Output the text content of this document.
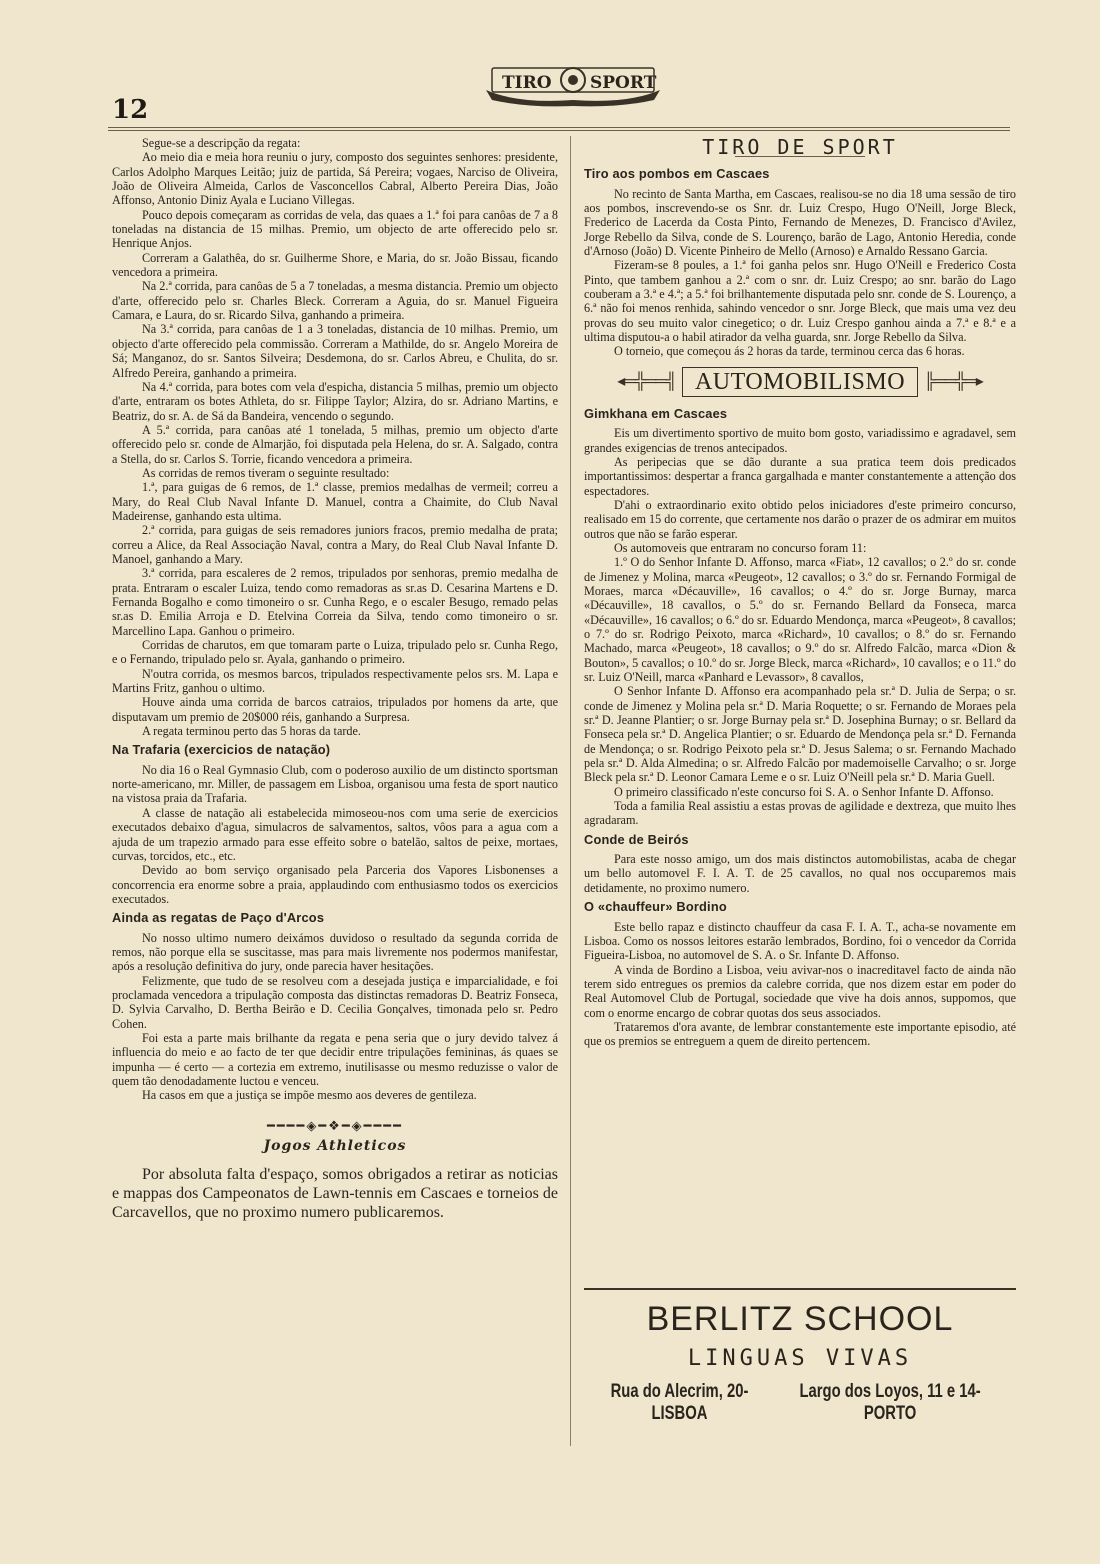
12
TIRO SPORT

Segue-se a descripção da regata:

Ao meio dia e meia hora reuniu o jury, composto dos seguintes senhores: presidente, Carlos Adolpho Marques Leitão; juiz de partida, Sá Pereira; vogaes, Narciso de Oliveira, João de Oliveira Almeida, Carlos de Vasconcellos Cabral, Alberto Pereira Dias, João Affonso, Antonio Diniz Ayala e Luciano Villegas.

Pouco depois começaram as corridas de vela, das quaes a 1.ª foi para canôas de 7 a 8 toneladas na distancia de 15 milhas. Premio, um objecto de arte offerecido pelo sr. Henrique Anjos.

Correram a Galathêa, do sr. Guilherme Shore, e Maria, do sr. João Bissau, ficando vencedora a primeira.

Na 2.ª corrida, para canôas de 5 a 7 toneladas, a mesma distancia. Premio um objecto d'arte, offerecido pelo sr. Charles Bleck. Correram a Aguia, do sr. Manuel Figueira Camara, e Laura, do sr. Ricardo Silva, ganhando a primeira.

Na 3.ª corrida, para canôas de 1 a 3 toneladas, distancia de 10 milhas. Premio, um objecto d'arte offerecido pela commissão. Correram a Mathilde, do sr. Angelo Moreira de Sá; Manganoz, do sr. Santos Silveira; Desdemona, do sr. Carlos Abreu, e Chulita, do sr. Alfredo Pereira, ganhando a primeira.

Na 4.ª corrida, para botes com vela d'espicha, distancia 5 milhas, premio um objecto d'arte, entraram os botes Athleta, do sr. Filippe Taylor; Alzira, do sr. Adriano Martins, e Beatriz, do sr. A. de Sá da Bandeira, vencendo o segundo.

A 5.ª corrida, para canôas até 1 tonelada, 5 milhas, premio um objecto d'arte offerecido pelo sr. conde de Almarjão, foi disputada pela Helena, do sr. A. Salgado, contra a Stella, do sr. Carlos S. Torrie, ficando vencedora a primeira.

As corridas de remos tiveram o seguinte resultado:

1.ª, para guigas de 6 remos, de 1.ª classe, premios medalhas de vermeil; correu a Mary, do Real Club Naval Infante D. Manuel, contra a Chaimite, do Club Naval Madeirense, ganhando esta ultima.

2.ª corrida, para guigas de seis remadores juniors fracos, premio medalha de prata; correu a Alice, da Real Associação Naval, contra a Mary, do Real Club Naval Infante D. Manoel, ganhando a Mary.

3.ª corrida, para escaleres de 2 remos, tripulados por senhoras, premio medalha de prata. Entraram o escaler Luiza, tendo como remadoras as sr.as D. Cesarina Martens e D. Fernanda Bogalho e como timoneiro o sr. Cunha Rego, e o escaler Besugo, remado pelas sr.as D. Emilia Arroja e D. Etelvina Correia da Silva, tendo como timoneiro o sr. Marcellino Lapa. Ganhou o primeiro.

Corridas de charutos, em que tomaram parte o Luiza, tripulado pelo sr. Cunha Rego, e o Fernando, tripulado pelo sr. Ayala, ganhando o primeiro.

N'outra corrida, os mesmos barcos, tripulados respectivamente pelos srs. M. Lapa e Martins Fritz, ganhou o ultimo.

Houve ainda uma corrida de barcos catraios, tripulados por homens da arte, que disputavam um premio de 20$000 réis, ganhando a Surpresa.

A regata terminou perto das 5 horas da tarde.

Na Trafaria (exercicios de natação)

No dia 16 o Real Gymnasio Club, com o poderoso auxilio de um distincto sportsman norte-americano, mr. Miller, de passagem em Lisboa, organisou uma festa de sport nautico na vistosa praia da Trafaria.

A classe de natação ali estabelecida mimoseou-nos com uma serie de exercicios executados debaixo d'agua, simulacros de salvamentos, saltos, vôos para a agua com a ajuda de um trapezio armado para esse effeito sobre o batelão, saltos de peixe, mortaes, curvas, torcidos, etc., etc.

Devido ao bom serviço organisado pela Parceria dos Vapores Lisbonenses a concorrencia era enorme sobre a praia, applaudindo com enthusiasmo todos os exercicios executados.

Ainda as regatas de Paço d'Arcos

No nosso ultimo numero deixámos duvidoso o resultado da segunda corrida de remos, não porque ella se suscitasse, mas para mais livremente nos podermos manifestar, após a resolução definitiva do jury, onde parecia haver hesitações.

Felizmente, que tudo de se resolveu com a desejada justiça e imparcialidade, e foi proclamada vencedora a tripulação composta das distinctas remadoras D. Beatriz Fonseca, D. Sylvia Carvalho, D. Bertha Beirão e D. Cecilia Gonçalves, timonada pelo sr. Pedro Cohen.

Foi esta a parte mais brilhante da regata e pena seria que o jury devido talvez á influencia do meio e ao facto de ter que decidir entre tripulações femininas, ás quaes se impunha — é certo — a cortezia em extremo, inutilisasse ou mesmo reduzisse o valor de quem tão denodadamente luctou e venceu.

Ha casos em que a justiça se impõe mesmo aos deveres de gentileza.

━━━━◈━❖━◈━━━━
Jogos Athleticos

Por absoluta falta d'espaço, somos obrigados a retirar as noticias e mappas dos Campeonatos de Lawn-tennis em Cascaes e torneios de Carcavellos, que no proximo numero publicaremos.

TIRO DE SPORT
Tiro aos pombos em Cascaes

No recinto de Santa Martha, em Cascaes, realisou-se no dia 18 uma sessão de tiro aos pombos, inscrevendo-se os Snr. dr. Luiz Crespo, Hugo O'Neill, Jorge Bleck, Frederico de Lacerda da Costa Pinto, Fernando de Menezes, D. Francisco d'Avilez, Jorge Rebello da Silva, conde de S. Lourenço, barão de Lago, Antonio Heredia, conde d'Arnoso (João) D. Vicente Pinheiro de Mello (Arnoso) e Arnaldo Ressano Garcia.

Fizeram-se 8 poules, a 1.ª foi ganha pelos snr. Hugo O'Neill e Frederico Costa Pinto, que tambem ganhou a 2.ª com o snr. dr. Luiz Crespo; ao snr. barão do Lago couberam a 3.ª e 4.ª; a 5.ª foi brilhantemente disputada pelo snr. conde de S. Lourenço, a 6.ª não foi menos renhida, sahindo vencedor o snr. Jorge Bleck, que mais uma vez deu provas do seu muito valor cinegetico; o dr. Luiz Crespo ganhou ainda a 7.ª e 8.ª e a ultima disputou-a o habil atirador da velha guarda, snr. Jorge Rebello da Silva.

O torneio, que começou ás 2 horas da tarde, terminou cerca das 6 horas.

◂═╬══╣ AUTOMOBILISMO	╠══╬═▸
Gimkhana em Cascaes

Eis um divertimento sportivo de muito bom gosto, variadissimo e agradavel, sem grandes exigencias de trenos antecipados.

As peripecias que se dão durante a sua pratica teem dois predicados importantissimos: despertar a franca gargalhada e manter constantemente a attenção dos espectadores.

D'ahi o extraordinario exito obtido pelos iniciadores d'este primeiro concurso, realisado em 15 do corrente, que certamente nos darão o prazer de os admirar em muitos outros que não se farão esperar.

Os automoveis que entraram no concurso foram 11:

1.º O do Senhor Infante D. Affonso, marca «Fiat», 12 cavallos; o 2.º do sr. conde de Jimenez y Molina, marca «Peugeot», 12 cavallos; o 3.º do sr. Fernando Formigal de Moraes, marca «Décauville», 16 cavallos; o 4.º do sr. Jorge Burnay, marca «Décauville», 18 cavallos, o 5.º do sr. Fernando Bellard da Fonseca, marca «Décauville», 16 cavallos; o 6.º do sr. Eduardo Mendonça, marca «Peugeot», 8 cavallos; o 7.º do sr. Rodrigo Peixoto, marca «Richard», 10 cavallos; o 8.º do sr. Fernando Machado, marca «Peugeot», 18 cavallos; o 9.º do sr. Alfredo Falcão, marca «Dion & Bouton», 5 cavallos; o 10.º do sr. Jorge Bleck, marca «Richard», 10 cavallos; e o 11.º do sr. Luiz O'Neill, marca «Panhard e Levassor», 8 cavallos,

O Senhor Infante D. Affonso era acompanhado pela sr.ª D. Julia de Serpa; o sr. conde de Jimenez y Molina pela sr.ª D. Maria Roquette; o sr. Fernando de Moraes pela sr.ª D. Jeanne Plantier; o sr. Jorge Burnay pela sr.ª D. Josephina Burnay; o sr. Bellard da Fonseca pela sr.ª D. Angelica Plantier; o sr. Eduardo de Mendonça pela sr.ª D. Fernanda de Mendonça; o sr. Rodrigo Peixoto pela sr.ª D. Jesus Salema; o sr. Fernando Machado pela sr.ª D. Alda Almedina; o sr. Alfredo Falcão por mademoiselle Carvalho; o sr. Jorge Bleck pela sr.ª D. Leonor Camara Leme e o sr. Luiz O'Neill pela sr.ª D. Maria Guell.

O primeiro classificado n'este concurso foi S. A. o Senhor Infante D. Affonso.

Toda a familia Real assistiu a estas provas de agilidade e dextreza, que muito lhes agradaram.

Conde de Beirós

Para este nosso amigo, um dos mais distinctos automobilistas, acaba de chegar um bello automovel F. I. A. T. de 25 cavallos, no qual nos occuparemos mais detidamente, no proximo numero.

O «chauffeur» Bordino

Este bello rapaz e distincto chauffeur da casa F. I. A. T., acha-se novamente em Lisboa. Como os nossos leitores estarão lembrados, Bordino, foi o vencedor da Corrida Figueira-Lisboa, no automovel de S. A. o Sr. Infante D. Affonso.

A vinda de Bordino a Lisboa, veiu avivar-nos o inacreditavel facto de ainda não terem sido entregues os premios da calebre corrida, que nos dizem estar em poder do Real Automovel Club de Portugal, sociedade que vive ha dois annos, suppomos, que com o enorme encargo de cobrar quotas dos seus associados.

Trataremos d'ora avante, de lembrar constantemente este importante episodio, até que os premios se entreguem a quem de direito pertencem.

BERLITZ SCHOOL
LINGUAS VIVAS
Rua do Alecrim, 20-LISBOA
Largo dos Loyos, 11 e 14-PORTO
